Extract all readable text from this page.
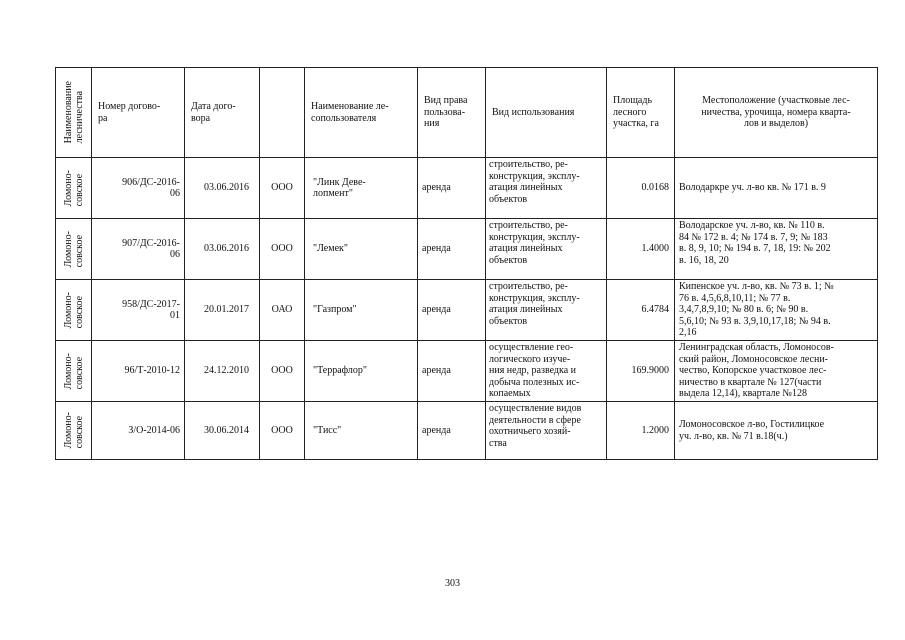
Наименование
лесничества	Номер догово-
ра	Дата дого-
вора		Наименование ле-
сопользователя	Вид права
пользова-
ния	Вид использования	Площадь
лесного
участка, га	Местоположение (участковые лес-
ничества, урочища, номера кварта-
лов и выделов)

Ломоно-
совское	906/ДС-2016-
06	03.06.2016	ООО	"Линк Деве-
лопмент"	аренда	строительство, ре-
конструкция, эксплу-
атация линейных
объектов	0.0168	Володаркре уч. л-во кв. № 171 в. 9

Ломоно-
совское	907/ДС-2016-
06	03.06.2016	ООО	"Лемек"	аренда	строительство, ре-
конструкция, эксплу-
атация линейных
объектов	1.4000	Володарское уч. л-во, кв. № 110 в.
84 № 172 в. 4; № 174 в. 7, 9; № 183
в. 8, 9, 10; № 194 в. 7, 18, 19: № 202
в. 16, 18, 20

Ломоно-
совское	958/ДС-2017-
01	20.01.2017	ОАО	"Газпром"	аренда	строительство, ре-
конструкция, эксплу-
атация линейных
объектов	6.4784	Кипенское уч. л-во, кв. № 73 в. 1; №
76 в. 4,5,6,8,10,11; № 77 в.
3,4,7,8,9,10; № 80 в. 6; № 90 в.
5,6,10; № 93 в. 3,9,10,17,18; № 94 в.
2,16

Ломоно-
совское	96/Т-2010-12	24.12.2010	ООО	"Террафлор"	аренда	осуществление гео-
логического изуче-
ния недр, разведка и
добыча полезных ис-
копаемых	169.9000	Ленинградская область, Ломоносов-
ский район, Ломоносовское лесни-
чество, Копорское участковое лес-
ничество в квартале № 127(части
выдела 12,14), квартале №128

Ломоно-
совское	З/О-2014-06	30.06.2014	ООО	"Тисс"	аренда	осуществление видов
деятельности в сфере
охотничьего хозяй-
ства	1.2000	Ломоносовское л-во, Гостилицкое
уч. л-во, кв. № 71 в.18(ч.)
303
